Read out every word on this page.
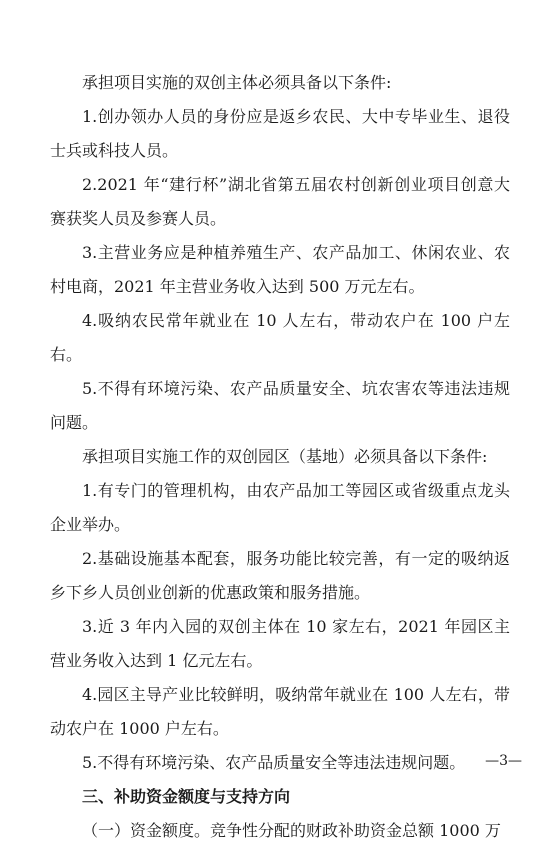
承担项目实施的双创主体必须具备以下条件:

1.创办领办人员的身份应是返乡农民、大中专毕业生、退役士兵或科技人员。

2.2021 年“建行杯”湖北省第五届农村创新创业项目创意大赛获奖人员及参赛人员。

3.主营业务应是种植养殖生产、农产品加工、休闲农业、农村电商，2021 年主营业务收入达到 500 万元左右。

4.吸纳农民常年就业在 10 人左右，带动农户在 100 户左右。

5.不得有环境污染、农产品质量安全、坑农害农等违法违规问题。

承担项目实施工作的双创园区（基地）必须具备以下条件:

1.有专门的管理机构，由农产品加工等园区或省级重点龙头企业举办。

2.基础设施基本配套，服务功能比较完善，有一定的吸纳返乡下乡人员创业创新的优惠政策和服务措施。

3.近 3 年内入园的双创主体在 10 家左右，2021 年园区主营业务收入达到 1 亿元左右。

4.园区主导产业比较鲜明，吸纳常年就业在 100 人左右，带动农户在 1000 户左右。

5.不得有环境污染、农产品质量安全等违法违规问题。

三、补助资金额度与支持方向

（一）资金额度。竞争性分配的财政补助资金总额 1000 万

—3—
